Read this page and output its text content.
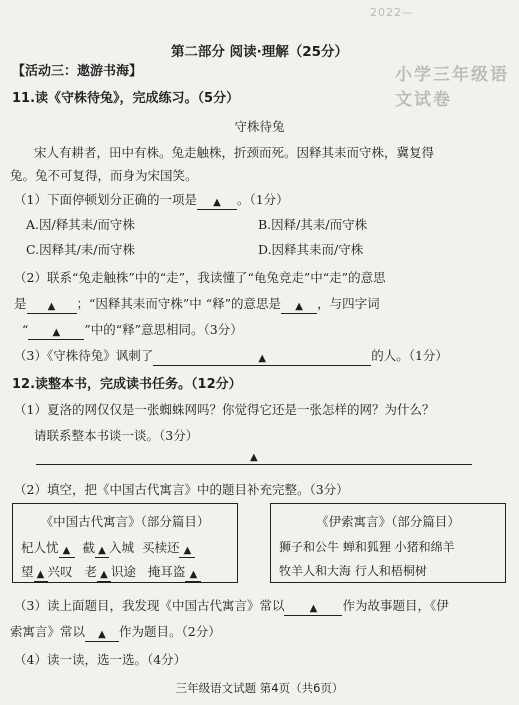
2022—
小学三年级语文试卷
第二部分 阅读·理解（25分）
【活动三：遨游书海】
11.读《守株待兔》，完成练习。（5分）
守株待兔
宋人有耕者，田中有株。兔走触株，折颈而死。因释其耒而守株，冀复得
兔。兔不可复得，而身为宋国笑。
（1）下面停顿划分正确的一项是 ▲ 。（1分）
A.因/释其耒/而守株	B.因释/其耒/而守株
C.因释其/耒/而守株	D.因释其耒而/守株
（2）联系“兔走触株”中的“走”，我读懂了“龟兔竞走”中“走”的意思
是 ▲ ；“因释其耒而守株”中 “释”的意思是 ▲ ，与四字词
“ ▲ ”中的“释”意思相同。（3分）
（3）《守株待兔》讽刺了	▲	的人。（1分）
12.读整本书，完成读书任务。（12分）
（1）夏洛的网仅仅是一张蜘蛛网吗？你觉得它还是一张怎样的网？为什么？
请联系整本书谈一谈。（3分）
▲
（2）填空，把《中国古代寓言》中的题目补充完整。（3分）
《中国古代寓言》（部分篇目）
杞人忧 ▲ 截 ▲ 入城 买椟还 ▲
望 ▲ 兴叹 老 ▲ 识途 掩耳盗 ▲
《伊索寓言》（部分篇目）
狮子和公牛 蝉和狐狸 小猪和绵羊
牧羊人和大海 行人和梧桐树
（3）读上面题目，我发现《中国古代寓言》常以	▲ 作为故事题目，《伊
索寓言》常以 ▲ 作为题目。（2分）
（4）读一读，选一选。（4分）
三年级语文试题 第4页（共6页）
